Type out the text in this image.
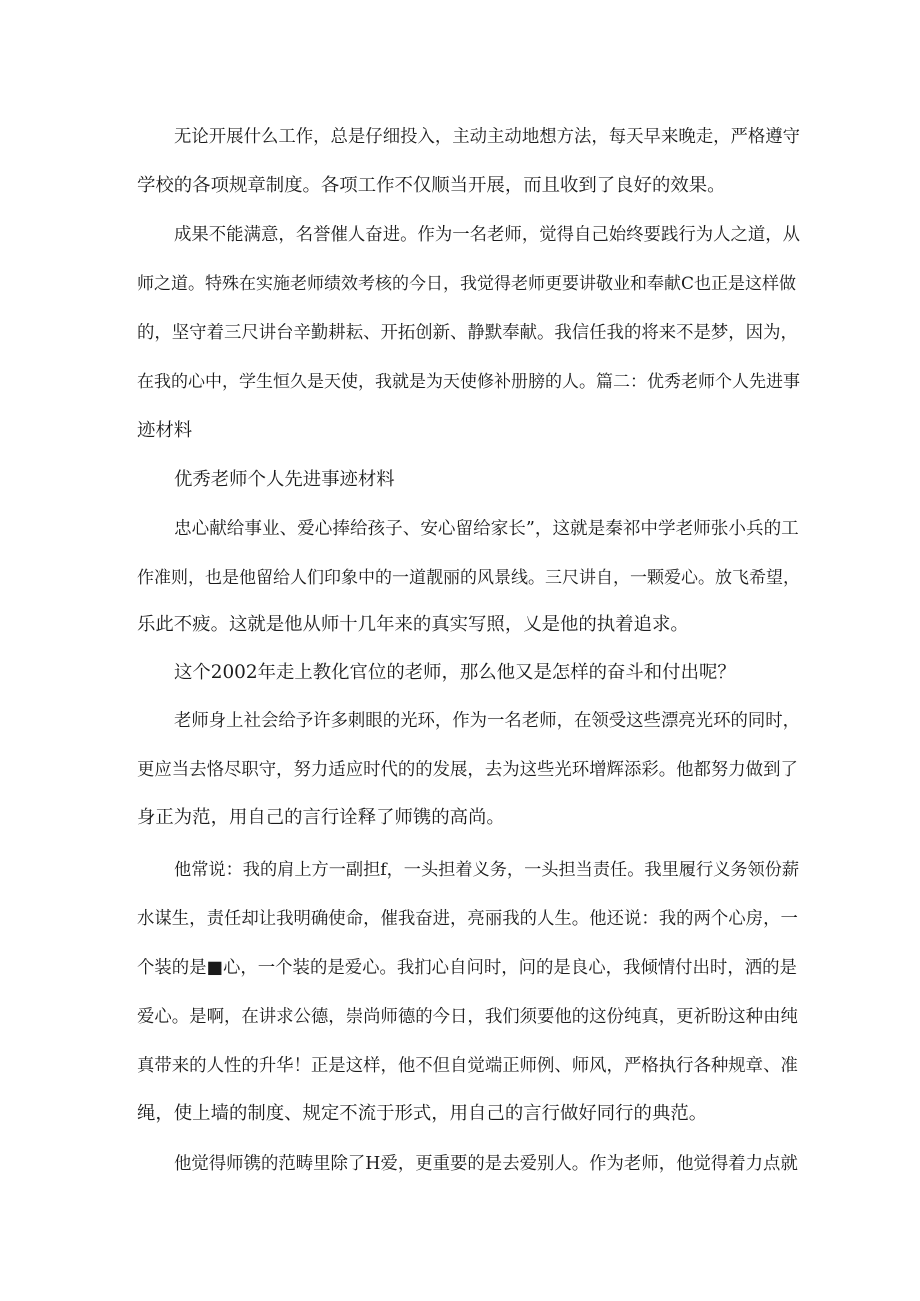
无论开展什么工作，总是仔细投入，主动主动地想方法，每天早来晚走，严格遵守
学校的各项规章制度。各项工作不仅顺当开展，而且收到了良好的效果。
成果不能满意，名誉催人奋进。作为一名老师，觉得自己始终要践行为人之道，从
师之道。特殊在实施老师绩效考核的今日，我觉得老师更要讲敬业和奉献C也正是这样做
的，坚守着三尺讲台辛勤耕耘、开拓创新、静默奉献。我信任我的将来不是梦，因为，
在我的心中，学生恒久是天使，我就是为天使修补册膀的人。篇二：优秀老师个人先进事
迹材料
优秀老师个人先进事迹材料
忠心献给事业、爱心捧给孩子、安心留给家长”，这就是秦祁中学老师张小兵的工
作准则，也是他留给人们印象中的一道靓丽的风景线。三尺讲自，一颗爱心。放飞希望，
乐此不疲。这就是他从师十几年来的真实写照，乂是他的执着追求。
这个2002年走上教化官位的老师，那么他又是怎样的奋斗和付出呢？
老师身上社会给予许多刺眼的光环，作为一名老师，在领受这些漂亮光环的同时，
更应当去恪尽职守，努力适应时代的的发展，去为这些光环增辉添彩。他都努力做到了
身正为范，用自己的言行诠释了师镌的高尚。
他常说：我的肩上方一副担f，一头担着义务，一头担当责任。我里履行义务领份薪
水谋生，责任却让我明确使命，催我奋进，亮丽我的人生。他还说：我的两个心房，一
个装的是■心，一个装的是爱心。我扪心自问时，问的是良心，我倾情付出时，洒的是
爱心。是啊，在讲求公德，崇尚师德的今日，我们须要他的这份纯真，更祈盼这种由纯
真带来的人性的升华！正是这样，他不但自觉端正师例、师风，严格执行各种规章、准
绳，使上墙的制度、规定不流于形式，用自己的言行做好同行的典范。
他觉得师镌的范畴里除了H爱，更重要的是去爱别人。作为老师，他觉得着力点就
